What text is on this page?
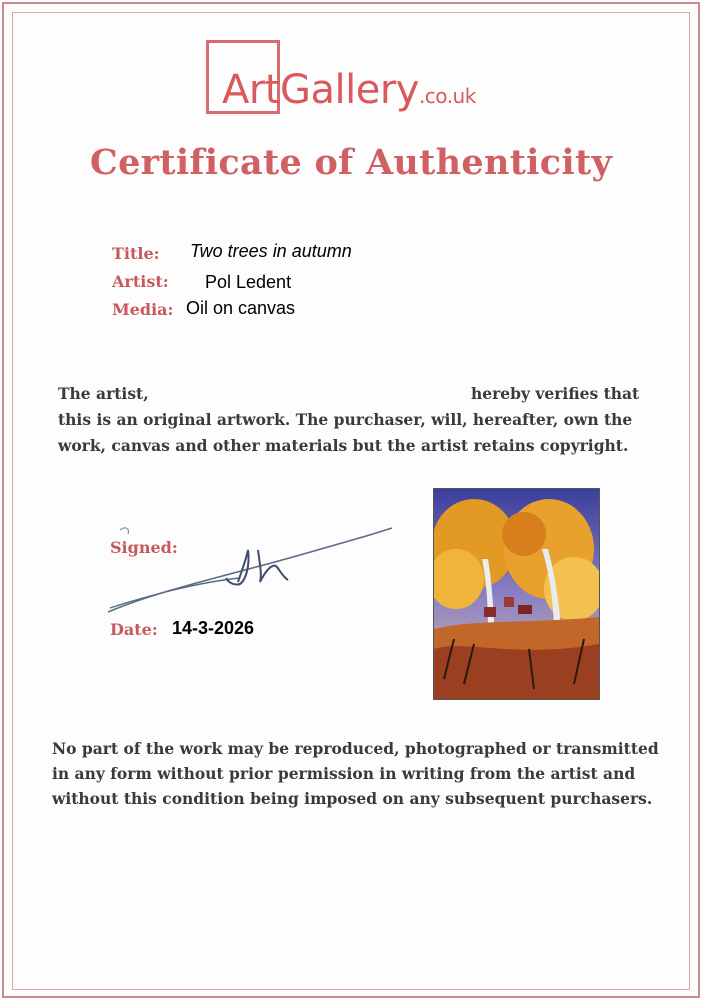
ArtGallery.co.uk
Certificate of Authenticity
Title: Two trees in autumn
Artist: Pol Ledent
Media: Oil on canvas
The artist,	hereby verifies that
this is an original artwork. The purchaser, will, hereafter, own the
work, canvas and other materials but the artist retains copyright.
Signed:
Date: 14-3-2026
No part of the work may be reproduced, photographed or transmitted
in any form without prior permission in writing from the artist and
without this condition being imposed on any subsequent purchasers.
